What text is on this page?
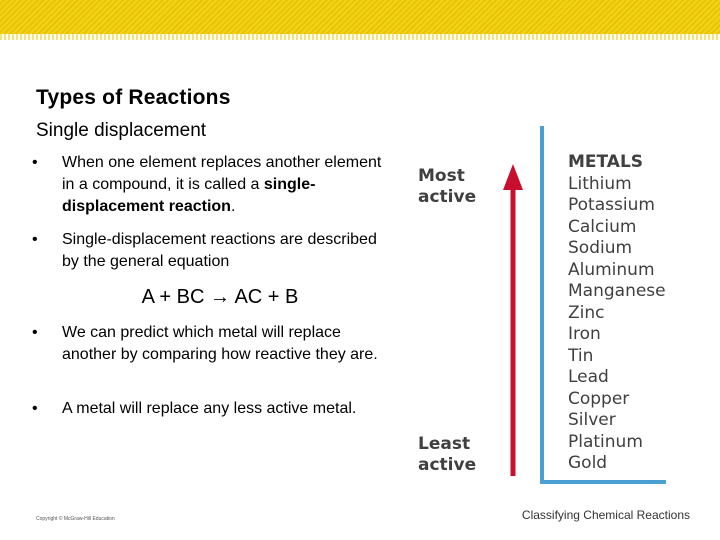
Types of Reactions
Single displacement
• When one element replaces another element in a compound, it is called a single-displacement reaction.
• Single-displacement reactions are described by the general equation
A + BC → AC + B
• We can predict which metal will replace another by comparing how reactive they are.
• A metal will replace any less active metal.
Most
active
Least
active
METALS
Lithium
Potassium
Calcium
Sodium
Aluminum
Manganese
Zinc
Iron
Tin
Lead
Copper
Silver
Platinum
Gold
Copyright © McGraw-Hill Education	Classifying Chemical Reactions
